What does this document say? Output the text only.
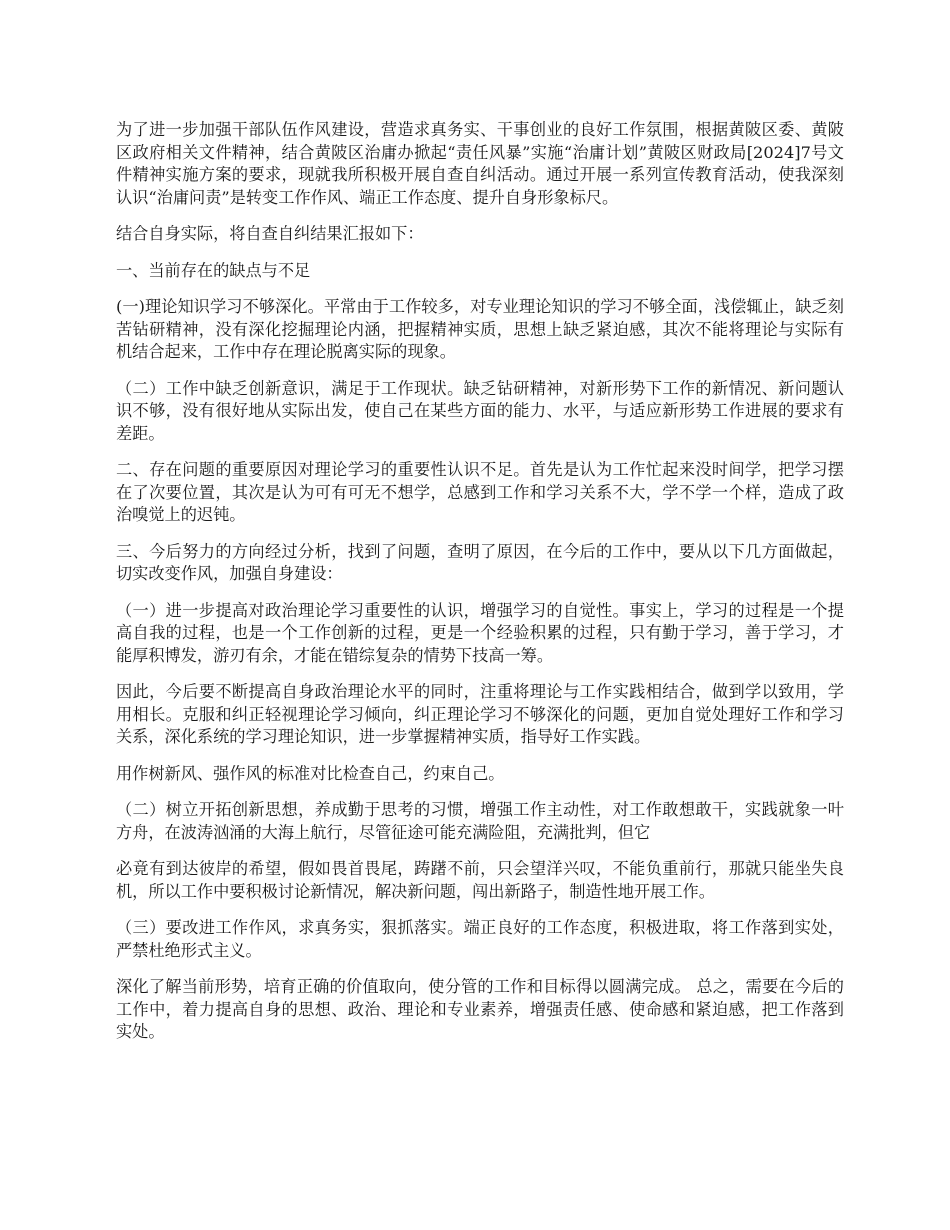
为了进一步加强干部队伍作风建设，营造求真务实、干事创业的良好工作氛围，根据黄陂区委、黄陂区政府相关文件精神，结合黄陂区治庸办掀起“责任风暴”实施“治庸计划”黄陂区财政局[2024]7号文件精神实施方案的要求，现就我所积极开展自查自纠活动。通过开展一系列宣传教育活动，使我深刻认识“治庸问责”是转变工作作风、端正工作态度、提升自身形象标尺。

结合自身实际，将自查自纠结果汇报如下：

一、当前存在的缺点与不足

(一)理论知识学习不够深化。平常由于工作较多，对专业理论知识的学习不够全面，浅偿辄止，缺乏刻苦钻研精神，没有深化挖掘理论内涵，把握精神实质，思想上缺乏紧迫感，其次不能将理论与实际有机结合起来，工作中存在理论脱离实际的现象。

（二）工作中缺乏创新意识，满足于工作现状。缺乏钻研精神，对新形势下工作的新情况、新问题认识不够，没有很好地从实际出发，使自己在某些方面的能力、水平，与适应新形势工作进展的要求有差距。

二、存在问题的重要原因对理论学习的重要性认识不足。首先是认为工作忙起来没时间学，把学习摆在了次要位置，其次是认为可有可无不想学，总感到工作和学习关系不大，学不学一个样，造成了政治嗅觉上的迟钝。

三、今后努力的方向经过分析，找到了问题，查明了原因，在今后的工作中，要从以下几方面做起，切实改变作风，加强自身建设：

（一）进一步提高对政治理论学习重要性的认识，增强学习的自觉性。事实上，学习的过程是一个提高自我的过程，也是一个工作创新的过程，更是一个经验积累的过程，只有勤于学习，善于学习，才能厚积博发，游刃有余，才能在错综复杂的情势下技高一筹。

因此，今后要不断提高自身政治理论水平的同时，注重将理论与工作实践相结合，做到学以致用，学用相长。克服和纠正轻视理论学习倾向，纠正理论学习不够深化的问题，更加自觉处理好工作和学习关系，深化系统的学习理论知识，进一步掌握精神实质，指导好工作实践。

用作树新风、强作风的标准对比检查自己，约束自己。

（二）树立开拓创新思想，养成勤于思考的习惯，增强工作主动性，对工作敢想敢干，实践就象一叶方舟，在波涛汹涌的大海上航行，尽管征途可能充满险阻，充满批判，但它

必竟有到达彼岸的希望，假如畏首畏尾，踌躇不前，只会望洋兴叹，不能负重前行，那就只能坐失良机，所以工作中要积极讨论新情况，解决新问题，闯出新路子，制造性地开展工作。

（三）要改进工作作风，求真务实，狠抓落实。端正良好的工作态度，积极进取，将工作落到实处，严禁杜绝形式主义。

深化了解当前形势，培育正确的价值取向，使分管的工作和目标得以圆满完成。 总之，需要在今后的工作中，着力提高自身的思想、政治、理论和专业素养，增强责任感、使命感和紧迫感，把工作落到实处。
